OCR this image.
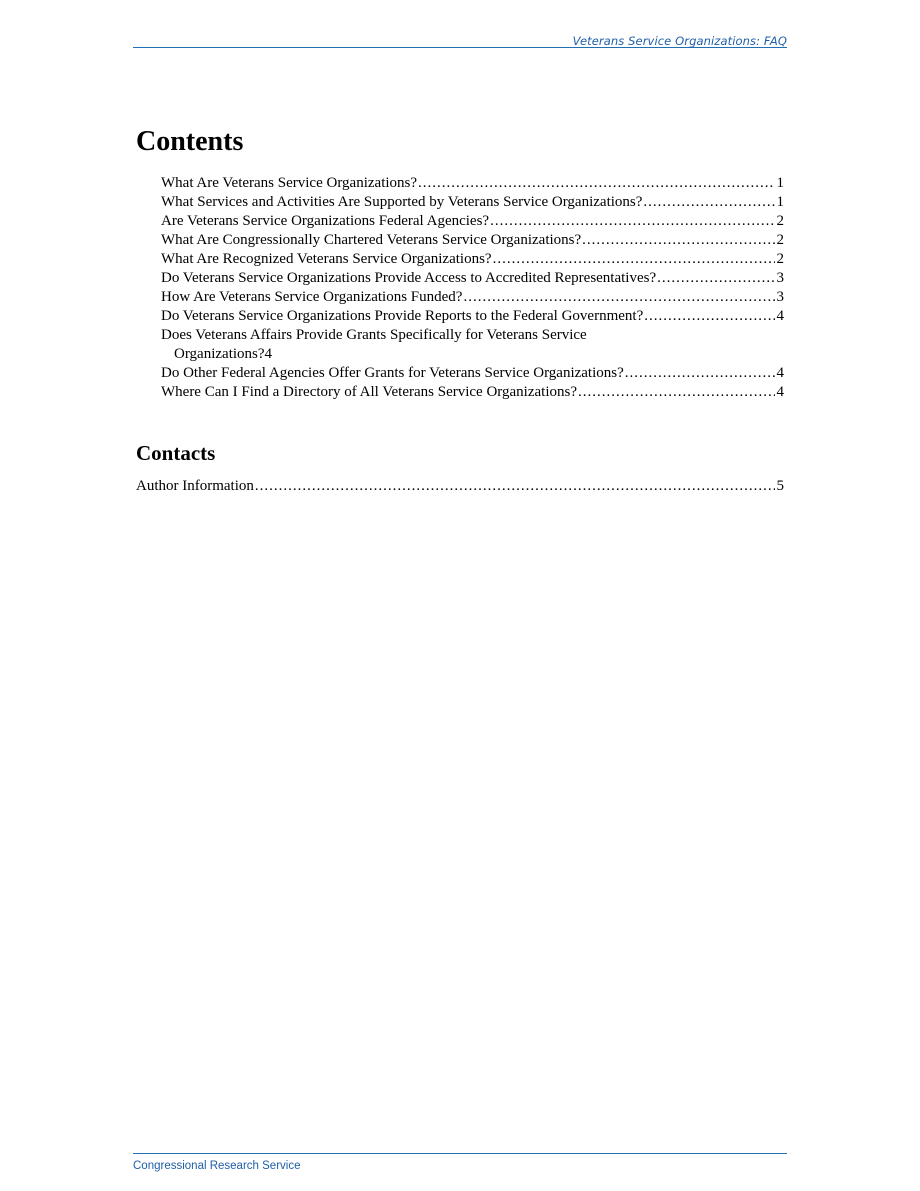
Veterans Service Organizations: FAQ
Contents
What Are Veterans Service Organizations? .....	1
What Services and Activities Are Supported by Veterans Service Organizations? .....	1
Are Veterans Service Organizations Federal Agencies? .....	2
What Are Congressionally Chartered Veterans Service Organizations? .....	2
What Are Recognized Veterans Service Organizations? .....	2
Do Veterans Service Organizations Provide Access to Accredited Representatives? .....	3
How Are Veterans Service Organizations Funded? .....	3
Do Veterans Service Organizations Provide Reports to the Federal Government? .....	4
Does Veterans Affairs Provide Grants Specifically for Veterans Service
Organizations? 4
Do Other Federal Agencies Offer Grants for Veterans Service Organizations? .....	4
Where Can I Find a Directory of All Veterans Service Organizations? .....	4
Contacts
Author Information .....	5
Congressional Research Service
